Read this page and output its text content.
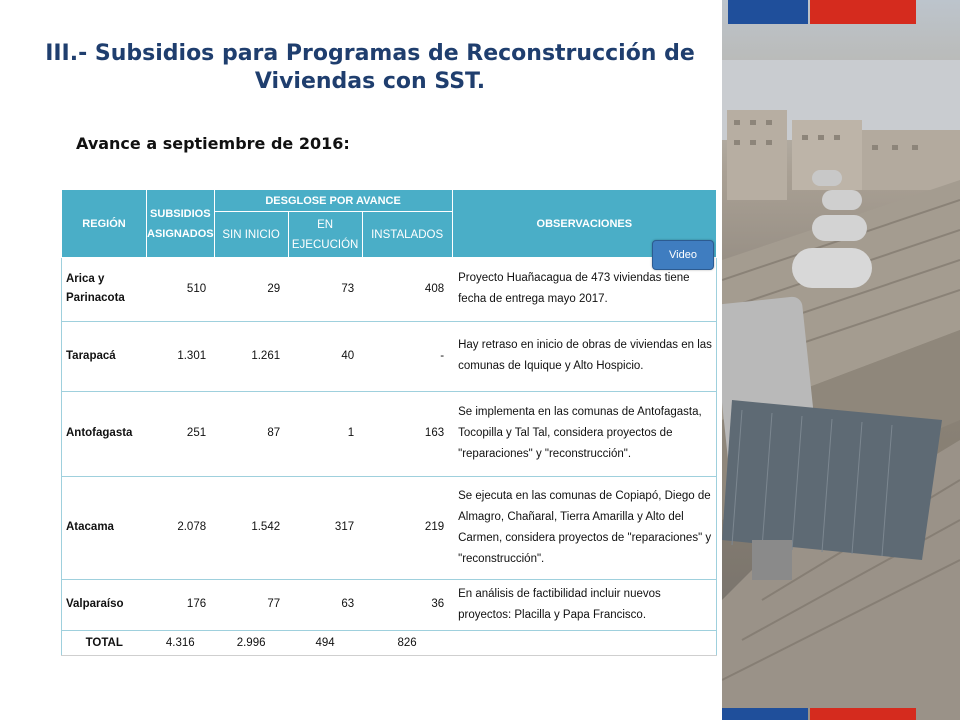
III.- Subsidios para Programas de Reconstrucción de
Viviendas con SST.
Avance a septiembre de 2016:
REGIÓN	SUBSIDIOS ASIGNADOS	DESGLOSE POR AVANCE			OBSERVACIONES
		SIN INICIO	EN EJECUCIÓN	INSTALADOS	
Arica y Parinacota	510	29	73	408	Proyecto Huañacagua de 473 viviendas tiene fecha de entrega mayo 2017.
Tarapacá	1.301	1.261	40	-	Hay retraso en inicio de obras de viviendas en las comunas de Iquique y Alto Hospicio.
Antofagasta	251	87	1	163	Se implementa en las comunas de Antofagasta, Tocopilla y Tal Tal, considera proyectos de "reparaciones" y "reconstrucción".
Atacama	2.078	1.542	317	219	Se ejecuta en las comunas de Copiapó, Diego de Almagro, Chañaral, Tierra Amarilla y Alto del Carmen, considera proyectos de "reparaciones" y "reconstrucción".
Valparaíso	176	77	63	36	En análisis de factibilidad incluir nuevos proyectos: Placilla y Papa Francisco.
TOTAL	4.316	2.996	494	826	
Video
